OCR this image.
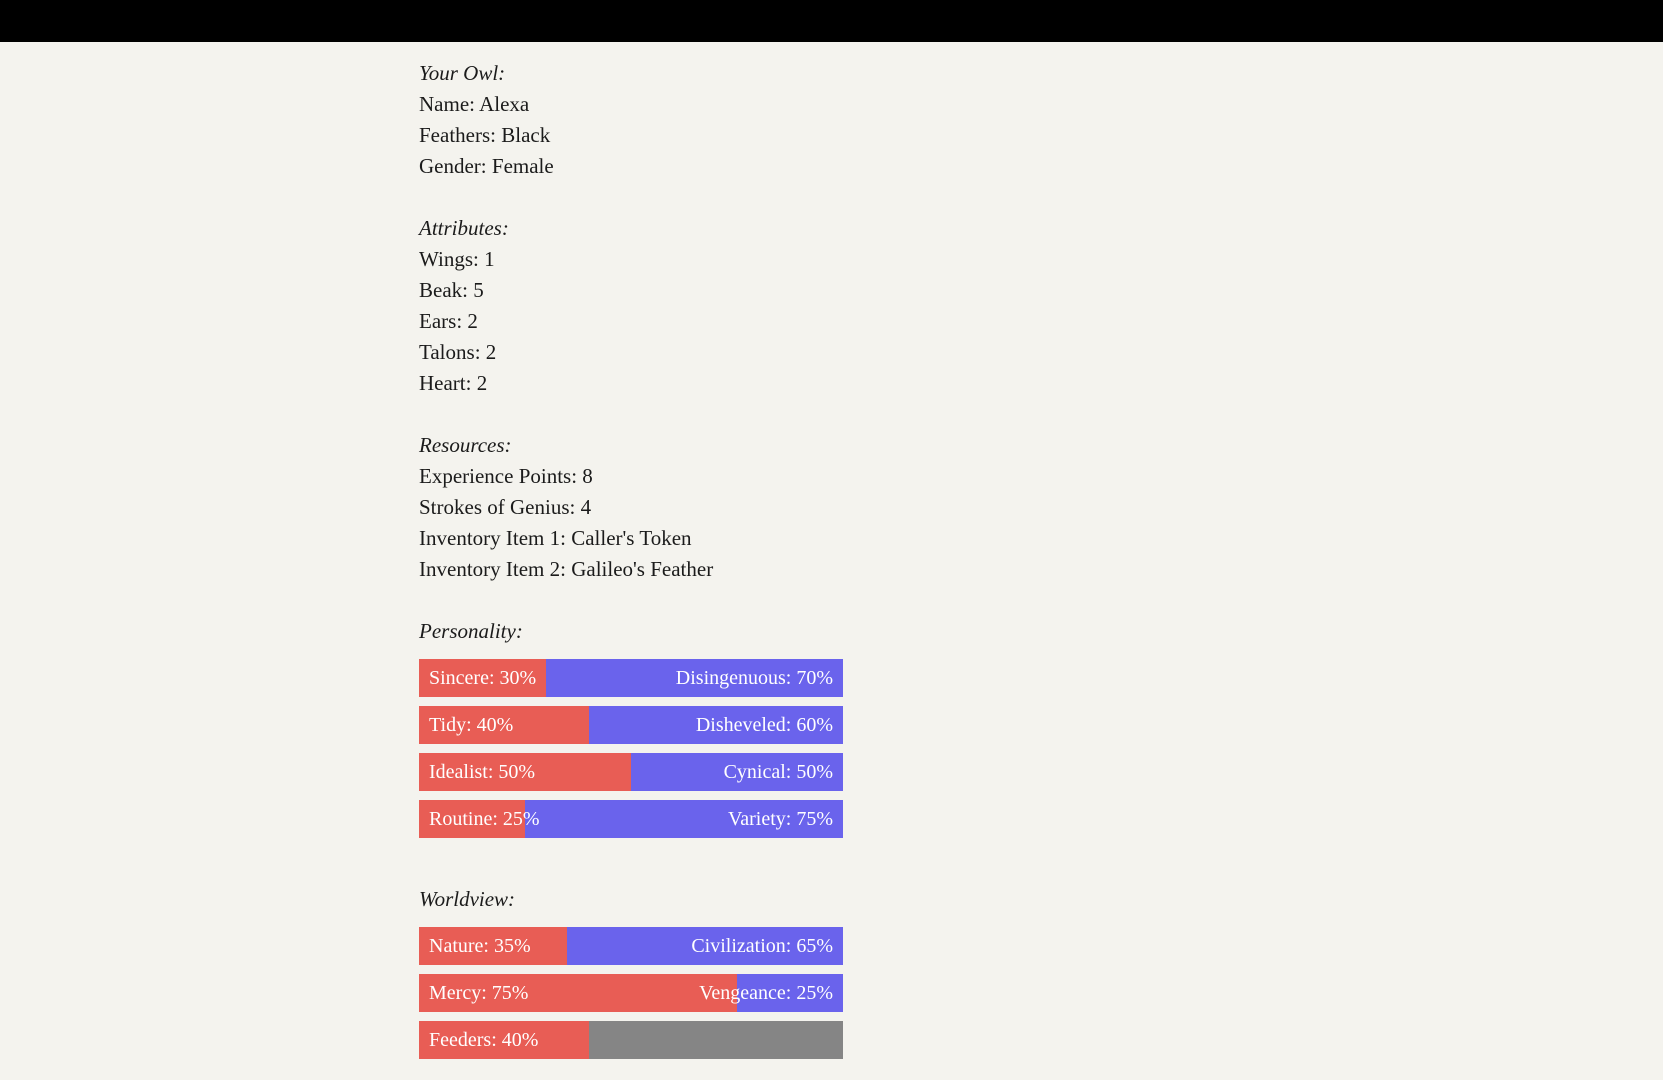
Your Owl:

Name: Alexa

Feathers: Black

Gender: Female

Attributes:

Wings: 1

Beak: 5

Ears: 2

Talons: 2

Heart: 2

Resources:

Experience Points: 8

Strokes of Genius: 4

Inventory Item 1: Caller's Token

Inventory Item 2: Galileo's Feather

Personality:

Sincere: 30%	Disingenuous: 70%
Tidy: 40%	Disheveled: 60%
Idealist: 50%	Cynical: 50%
Routine: 25%	Variety: 75%

Worldview:

Nature: 35%	Civilization: 65%
Mercy: 75%	Vengeance: 25%
Feeders: 40%
